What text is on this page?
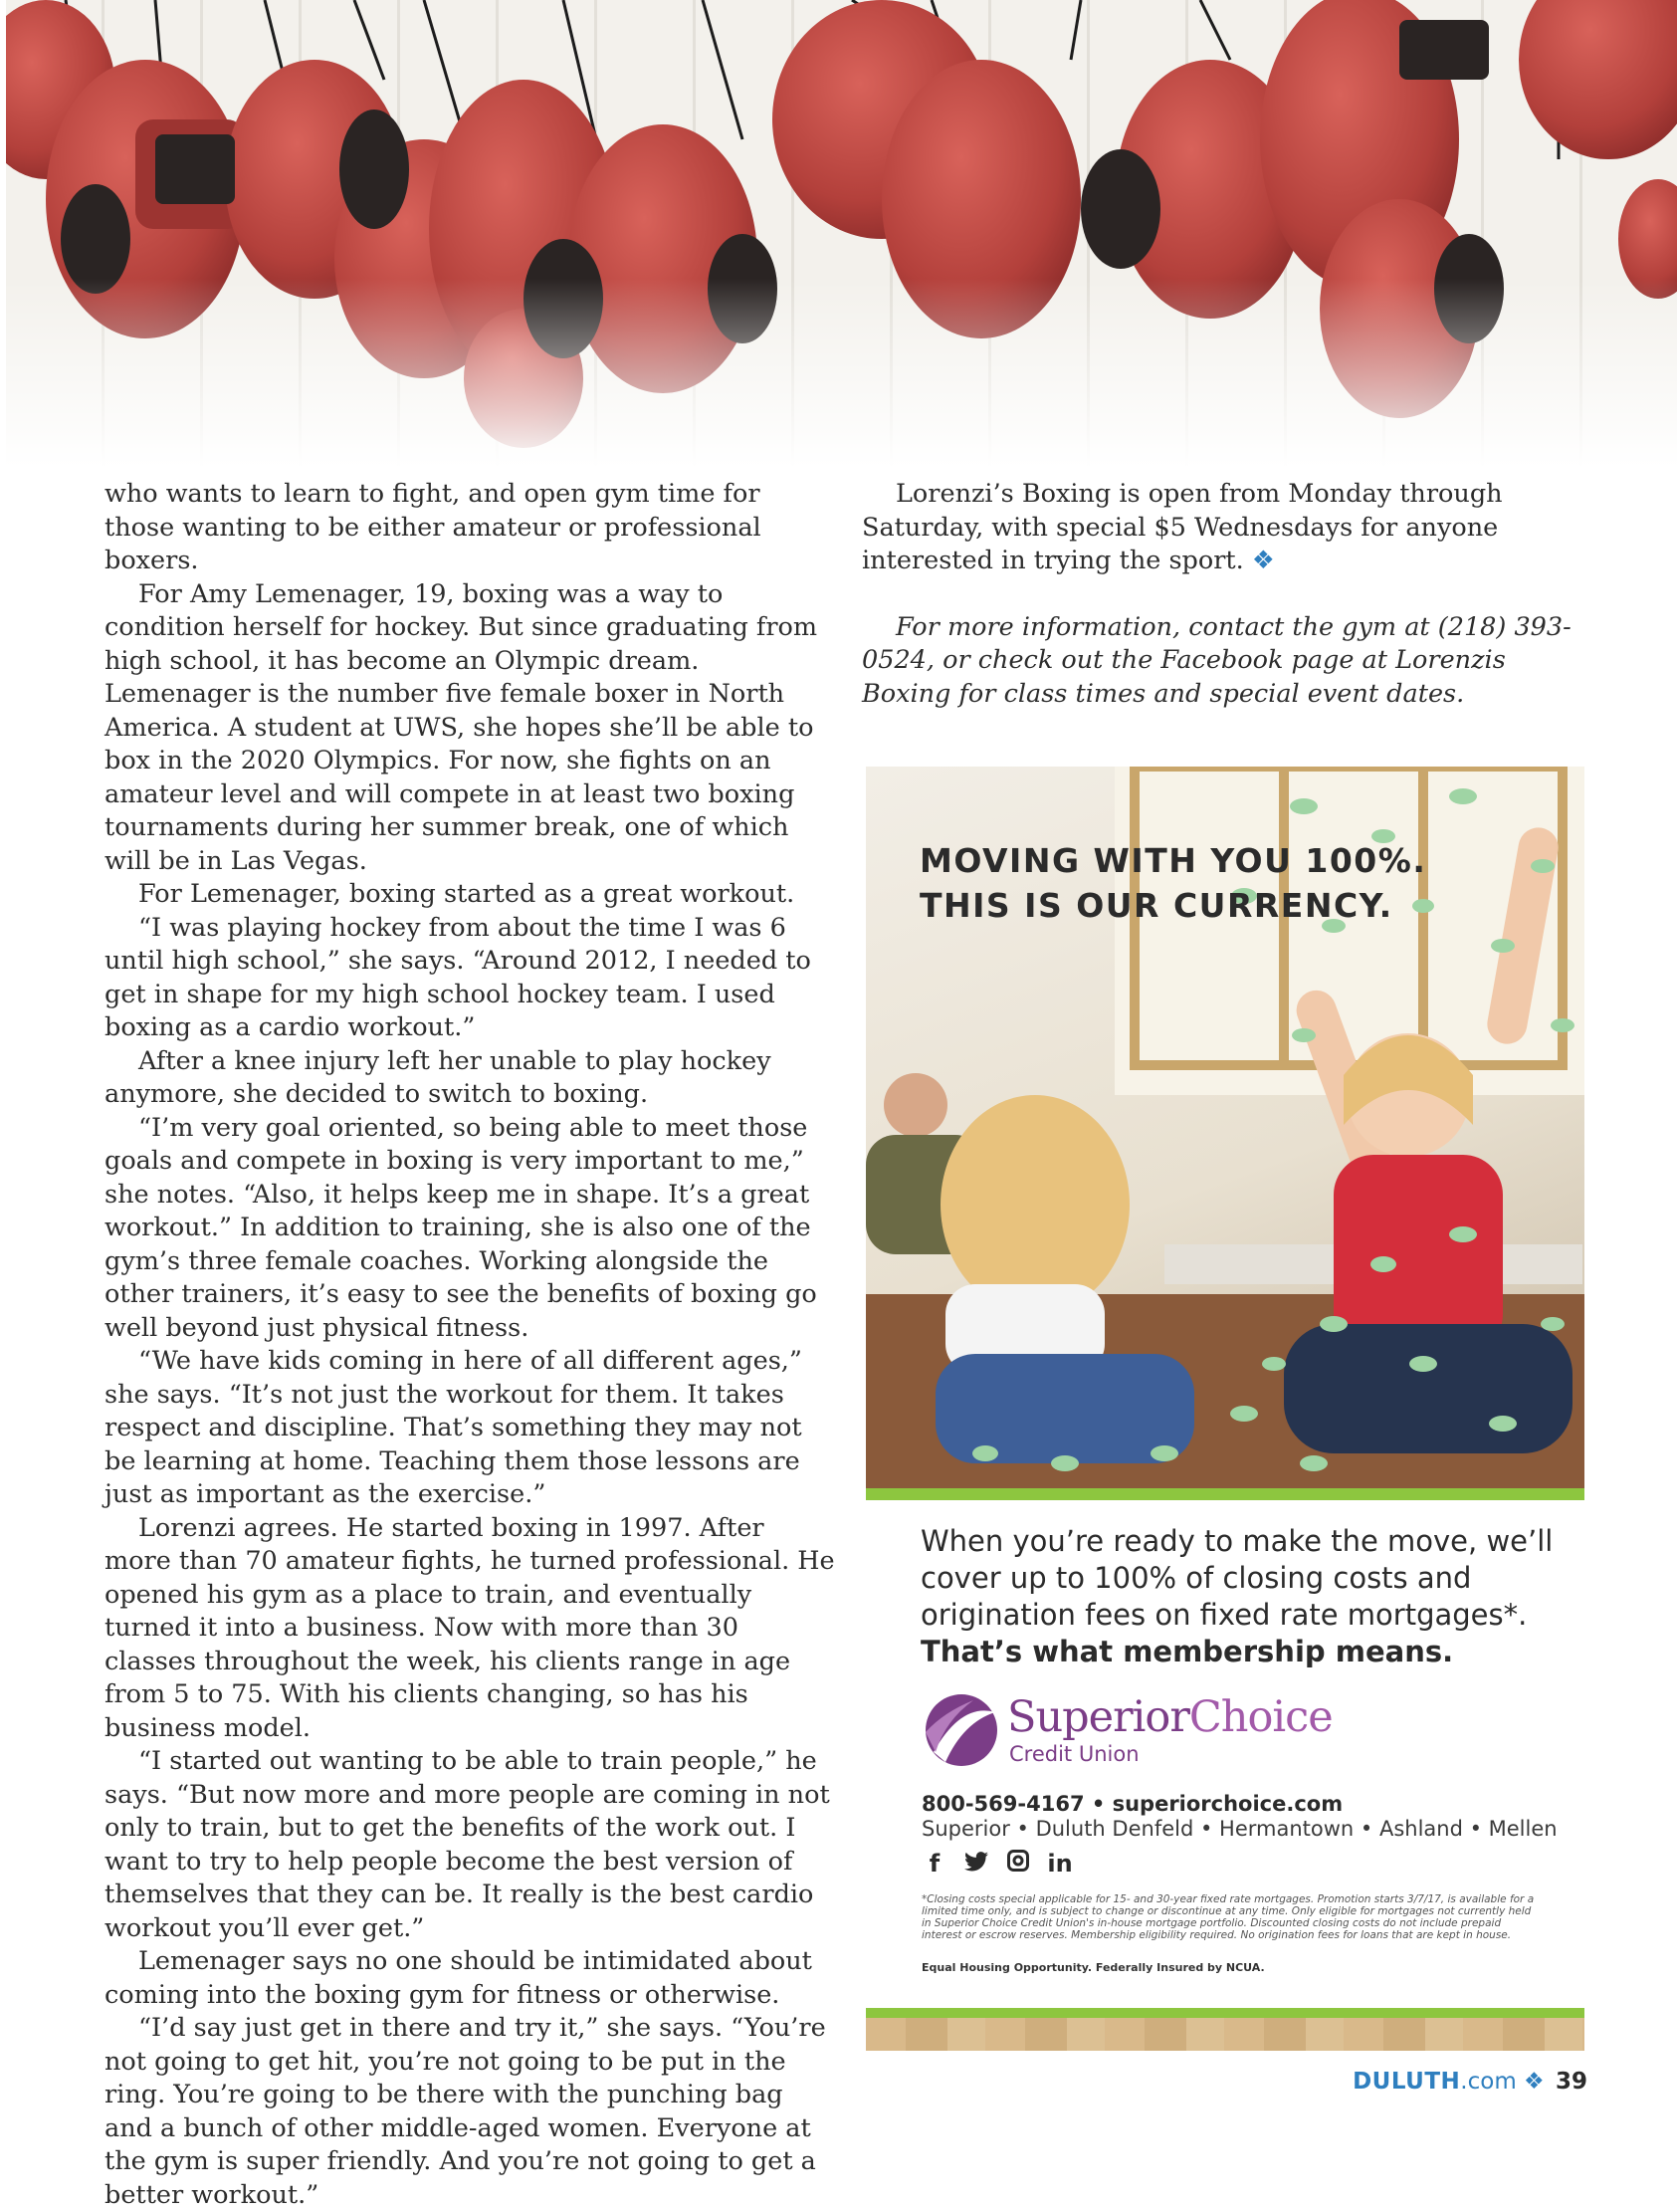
who wants to learn to fight, and open gym time for those wanting to be either amateur or professional boxers.

For Amy Lemenager, 19, boxing was a way to condition herself for hockey. But since graduating from high school, it has become an Olympic dream. Lemenager is the number five female boxer in North America. A student at UWS, she hopes she’ll be able to box in the 2020 Olympics. For now, she fights on an amateur level and will compete in at least two boxing tournaments during her summer break, one of which will be in Las Vegas.

For Lemenager, boxing started as a great workout.

“I was playing hockey from about the time I was 6 until high school,” she says. “Around 2012, I needed to get in shape for my high school hockey team. I used boxing as a cardio workout.”

After a knee injury left her unable to play hockey anymore, she decided to switch to boxing.

“I’m very goal oriented, so being able to meet those goals and compete in boxing is very important to me,” she notes. “Also, it helps keep me in shape. It’s a great workout.” In addition to training, she is also one of the gym’s three female coaches. Working alongside the other trainers, it’s easy to see the benefits of boxing go well beyond just physical fitness.

“We have kids coming in here of all different ages,” she says. “It’s not just the workout for them. It takes respect and discipline. That’s something they may not be learning at home. Teaching them those lessons are just as important as the exercise.”

Lorenzi agrees. He started boxing in 1997. After more than 70 amateur fights, he turned professional. He opened his gym as a place to train, and eventually turned it into a business. Now with more than 30 classes throughout the week, his clients range in age from 5 to 75. With his clients changing, so has his business model.

“I started out wanting to be able to train people,” he says. “But now more and more people are coming in not only to train, but to get the benefits of the work out. I want to try to help people become the best version of themselves that they can be. It really is the best cardio workout you’ll ever get.”

Lemenager says no one should be intimidated about coming into the boxing gym for fitness or otherwise.

“I’d say just get in there and try it,” she says. “You’re not going to get hit, you’re not going to be put in the ring. You’re going to be there with the punching bag and a bunch of other middle-aged women. Everyone at the gym is super friendly. And you’re not going to get a better workout.”

Lorenzi’s Boxing is open from Monday through Saturday, with special $5 Wednesdays for anyone interested in trying the sport. ❖

For more information, contact the gym at (218) 393-0524, or check out the Facebook page at Lorenzis Boxing for class times and special event dates.

MOVING WITH YOU 100%.
THIS IS OUR CURRENCY.
When you’re ready to make the move, we’ll cover up to 100% of closing costs and origination fees on fixed rate mortgages*.
That’s what membership means.
SuperiorChoice
Credit Union
800-569-4167 • superiorchoice.com
Superior • Duluth Denfeld • Hermantown • Ashland • Mellen
f	in
*Closing costs special applicable for 15- and 30-year fixed rate mortgages. Promotion starts 3/7/17, is available for a limited time only, and is subject to change or discontinue at any time. Only eligible for mortgages not currently held in Superior Choice Credit Union's in-house mortgage portfolio. Discounted closing costs do not include prepaid interest or escrow reserves. Membership eligibility required. No origination fees for loans that are kept in house.
Equal Housing Opportunity. Federally Insured by NCUA.
DULUTH.com ❖ 39
